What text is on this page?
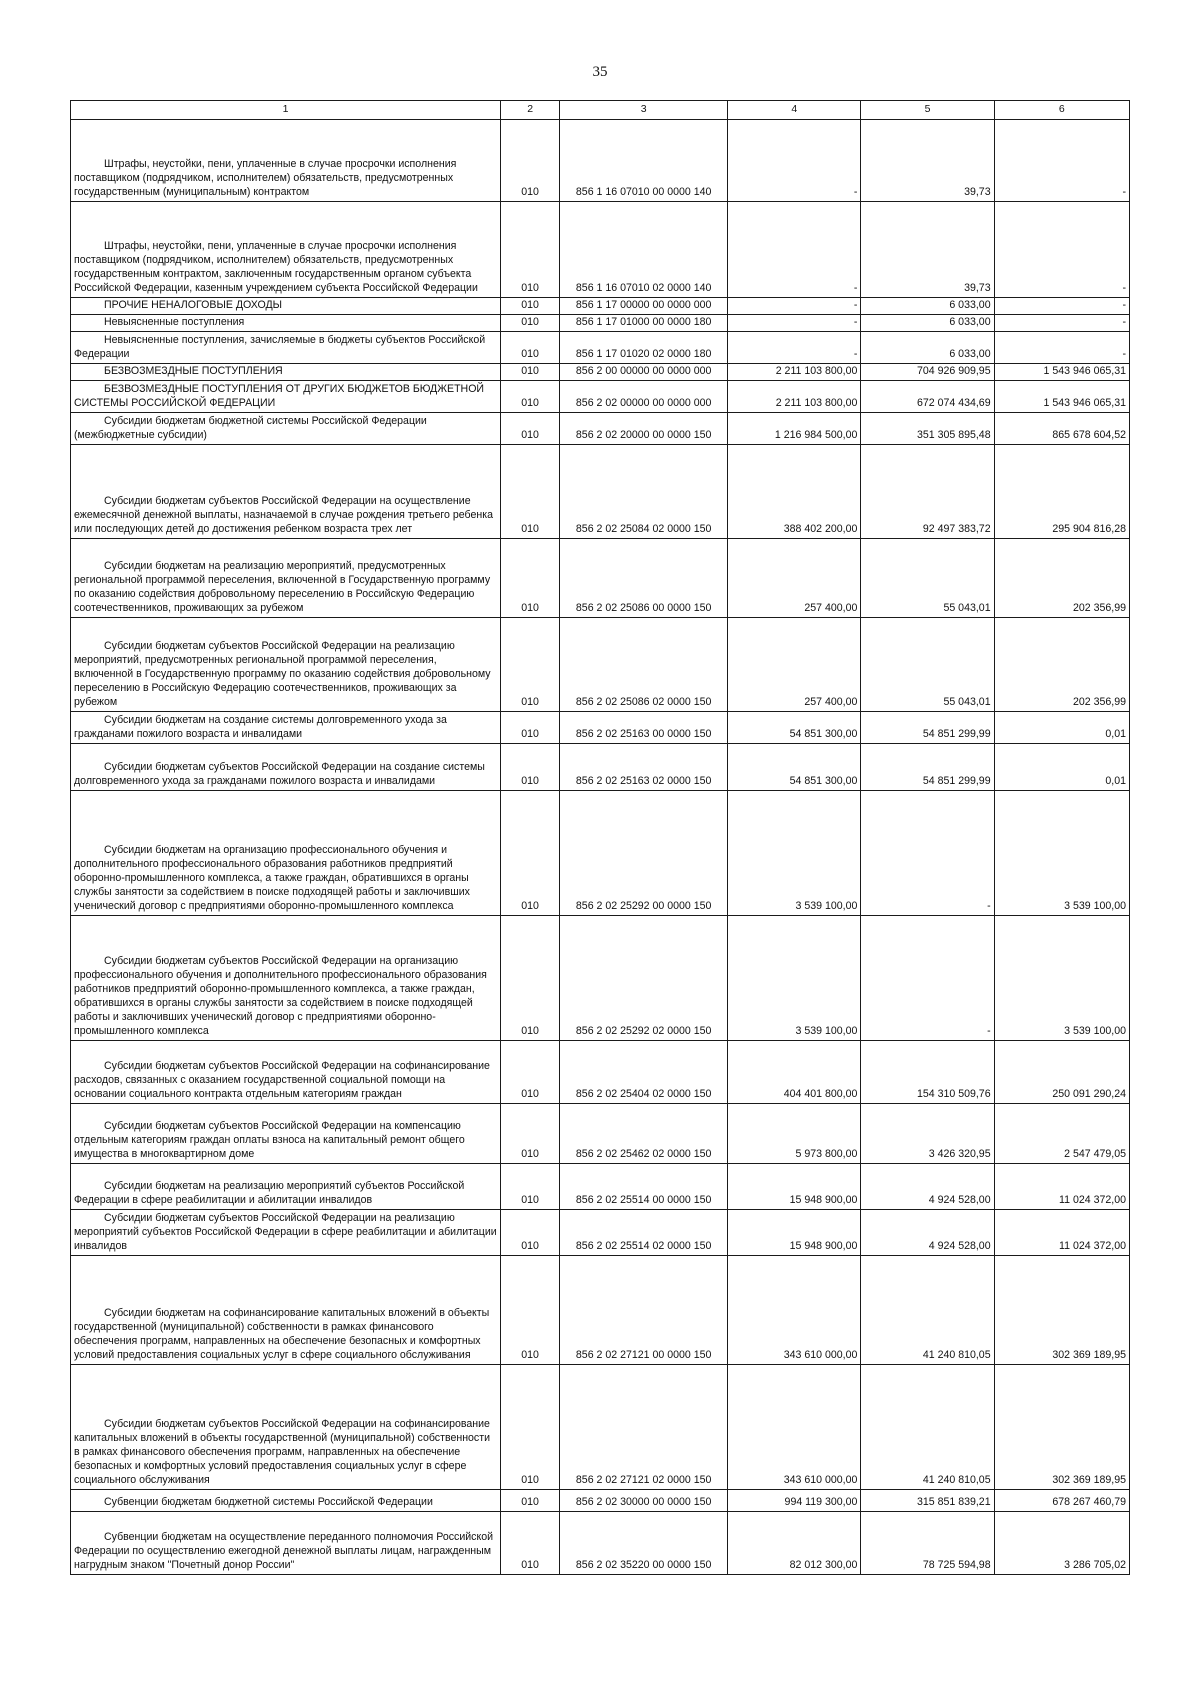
35
1	2	3	4	5	6
Штрафы, неустойки, пени, уплаченные в случае просрочки исполнения поставщиком (подрядчиком, исполнителем) обязательств, предусмотренных государственным (муниципальным) контрактом	010	856 1 16 07010 00 0000 140	-	39,73	-
Штрафы, неустойки, пени, уплаченные в случае просрочки исполнения поставщиком (подрядчиком, исполнителем) обязательств, предусмотренных государственным контрактом, заключенным государственным органом субъекта Российской Федерации, казенным учреждением субъекта Российской Федерации	010	856 1 16 07010 02 0000 140	-	39,73	-
ПРОЧИЕ НЕНАЛОГОВЫЕ ДОХОДЫ	010	856 1 17 00000 00 0000 000	-	6 033,00	-
Невыясненные поступления	010	856 1 17 01000 00 0000 180	-	6 033,00	-
Невыясненные поступления, зачисляемые в бюджеты субъектов Российской Федерации	010	856 1 17 01020 02 0000 180	-	6 033,00	-
БЕЗВОЗМЕЗДНЫЕ ПОСТУПЛЕНИЯ	010	856 2 00 00000 00 0000 000	2 211 103 800,00	704 926 909,95	1 543 946 065,31
БЕЗВОЗМЕЗДНЫЕ ПОСТУПЛЕНИЯ ОТ ДРУГИХ БЮДЖЕТОВ БЮДЖЕТНОЙ СИСТЕМЫ РОССИЙСКОЙ ФЕДЕРАЦИИ	010	856 2 02 00000 00 0000 000	2 211 103 800,00	672 074 434,69	1 543 946 065,31
Субсидии бюджетам бюджетной системы Российской Федерации (межбюджетные субсидии)	010	856 2 02 20000 00 0000 150	1 216 984 500,00	351 305 895,48	865 678 604,52
Субсидии бюджетам субъектов Российской Федерации на осуществление ежемесячной денежной выплаты, назначаемой в случае рождения третьего ребенка или последующих детей до достижения ребенком возраста трех лет	010	856 2 02 25084 02 0000 150	388 402 200,00	92 497 383,72	295 904 816,28
Субсидии бюджетам на реализацию мероприятий, предусмотренных региональной программой переселения, включенной в Государственную программу по оказанию содействия добровольному переселению в Российскую Федерацию соотечественников, проживающих за рубежом	010	856 2 02 25086 00 0000 150	257 400,00	55 043,01	202 356,99
Субсидии бюджетам субъектов Российской Федерации на реализацию мероприятий, предусмотренных региональной программой переселения, включенной в Государственную программу по оказанию содействия добровольному переселению в Российскую Федерацию соотечественников, проживающих за рубежом	010	856 2 02 25086 02 0000 150	257 400,00	55 043,01	202 356,99
Субсидии бюджетам на создание системы долговременного ухода за гражданами пожилого возраста и инвалидами	010	856 2 02 25163 00 0000 150	54 851 300,00	54 851 299,99	0,01
Субсидии бюджетам субъектов Российской Федерации на создание системы долговременного ухода за гражданами пожилого возраста и инвалидами	010	856 2 02 25163 02 0000 150	54 851 300,00	54 851 299,99	0,01
Субсидии бюджетам на организацию профессионального обучения и дополнительного профессионального образования работников предприятий оборонно-промышленного комплекса, а также граждан, обратившихся в органы службы занятости за содействием в поиске подходящей работы и заключивших ученический договор с предприятиями оборонно-промышленного комплекса	010	856 2 02 25292 00 0000 150	3 539 100,00	-	3 539 100,00
Субсидии бюджетам субъектов Российской Федерации на организацию профессионального обучения и дополнительного профессионального образования работников предприятий оборонно-промышленного комплекса, а также граждан, обратившихся в органы службы занятости за содействием в поиске подходящей работы и заключивших ученический договор с предприятиями оборонно-промышленного комплекса	010	856 2 02 25292 02 0000 150	3 539 100,00	-	3 539 100,00
Субсидии бюджетам субъектов Российской Федерации на софинансирование расходов, связанных с оказанием государственной социальной помощи на основании социального контракта отдельным категориям граждан	010	856 2 02 25404 02 0000 150	404 401 800,00	154 310 509,76	250 091 290,24
Субсидии бюджетам субъектов Российской Федерации на компенсацию отдельным категориям граждан оплаты взноса на капитальный ремонт общего имущества в многоквартирном доме	010	856 2 02 25462 02 0000 150	5 973 800,00	3 426 320,95	2 547 479,05
Субсидии бюджетам на реализацию мероприятий субъектов Российской Федерации в сфере реабилитации и абилитации инвалидов	010	856 2 02 25514 00 0000 150	15 948 900,00	4 924 528,00	11 024 372,00
Субсидии бюджетам субъектов Российской Федерации на реализацию мероприятий субъектов Российской Федерации в сфере реабилитации и абилитации инвалидов	010	856 2 02 25514 02 0000 150	15 948 900,00	4 924 528,00	11 024 372,00
Субсидии бюджетам на софинансирование капитальных вложений в объекты государственной (муниципальной) собственности в рамках финансового обеспечения программ, направленных на обеспечение безопасных и комфортных условий предоставления социальных услуг в сфере социального обслуживания	010	856 2 02 27121 00 0000 150	343 610 000,00	41 240 810,05	302 369 189,95
Субсидии бюджетам субъектов Российской Федерации на софинансирование капитальных вложений в объекты государственной (муниципальной) собственности в рамках финансового обеспечения программ, направленных на обеспечение безопасных и комфортных условий предоставления социальных услуг в сфере социального обслуживания	010	856 2 02 27121 02 0000 150	343 610 000,00	41 240 810,05	302 369 189,95
Субвенции бюджетам бюджетной системы Российской Федерации	010	856 2 02 30000 00 0000 150	994 119 300,00	315 851 839,21	678 267 460,79
Субвенции бюджетам на осуществление переданного полномочия Российской Федерации по осуществлению ежегодной денежной выплаты лицам, награжденным нагрудным знаком "Почетный донор России"	010	856 2 02 35220 00 0000 150	82 012 300,00	78 725 594,98	3 286 705,02
